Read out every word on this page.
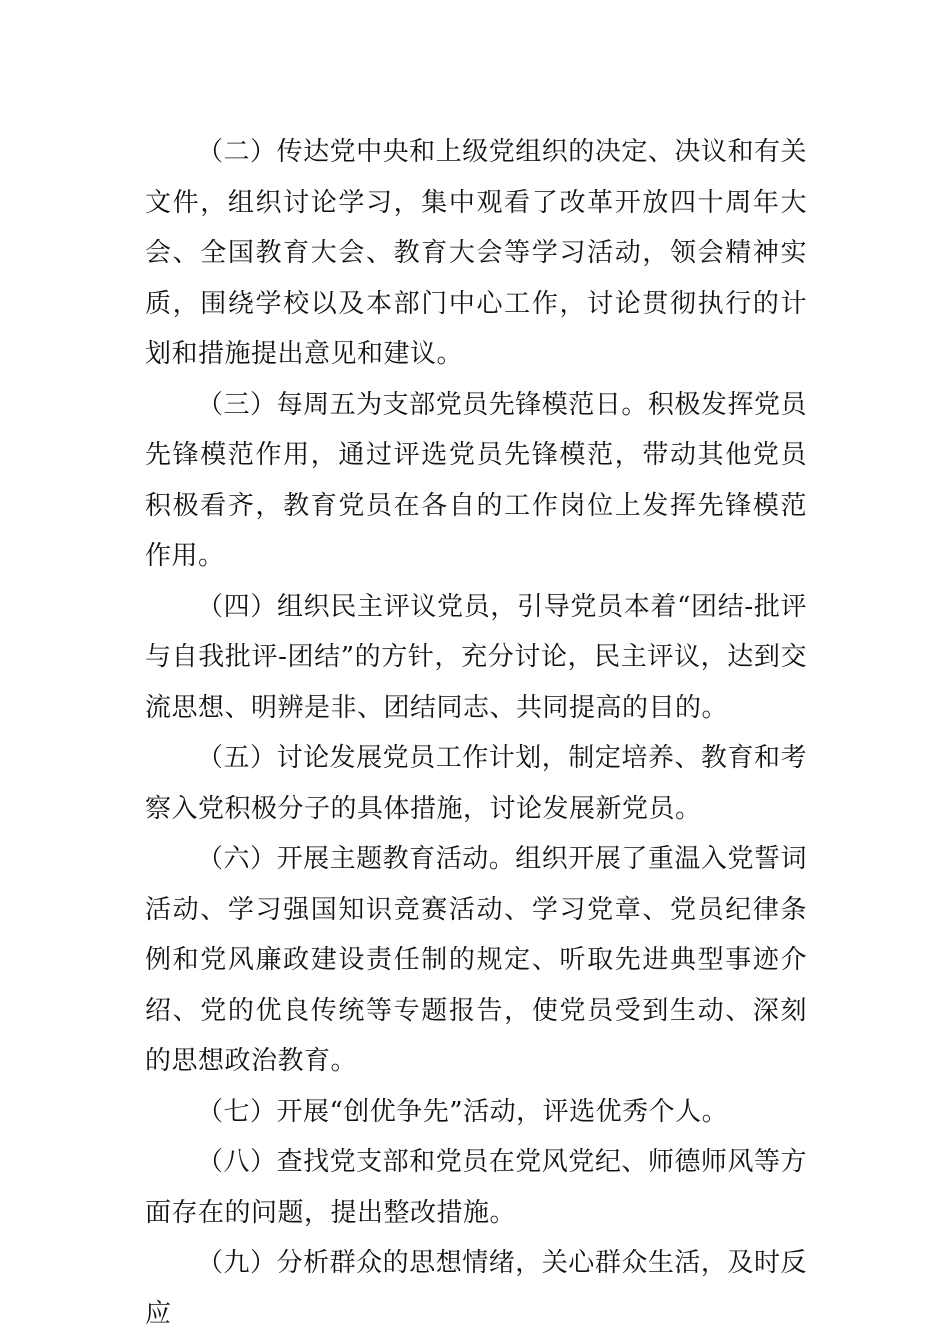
（二）传达党中央和上级党组织的决定、决议和有关文件，组织讨论学习，集中观看了改革开放四十周年大会、全国教育大会、教育大会等学习活动，领会精神实质，围绕学校以及本部门中心工作，讨论贯彻执行的计划和措施提出意见和建议。

（三）每周五为支部党员先锋模范日。积极发挥党员先锋模范作用，通过评选党员先锋模范，带动其他党员积极看齐，教育党员在各自的工作岗位上发挥先锋模范作用。

（四）组织民主评议党员，引导党员本着“团结-批评与自我批评-团结”的方针，充分讨论，民主评议，达到交流思想、明辨是非、团结同志、共同提高的目的。

（五）讨论发展党员工作计划，制定培养、教育和考察入党积极分子的具体措施，讨论发展新党员。

（六）开展主题教育活动。组织开展了重温入党誓词活动、学习强国知识竞赛活动、学习党章、党员纪律条例和党风廉政建设责任制的规定、听取先进典型事迹介绍、党的优良传统等专题报告，使党员受到生动、深刻的思想政治教育。

（七）开展“创优争先”活动，评选优秀个人。

（八）查找党支部和党员在党风党纪、师德师风等方面存在的问题，提出整改措施。

（九）分析群众的思想情绪，关心群众生活，及时反应
